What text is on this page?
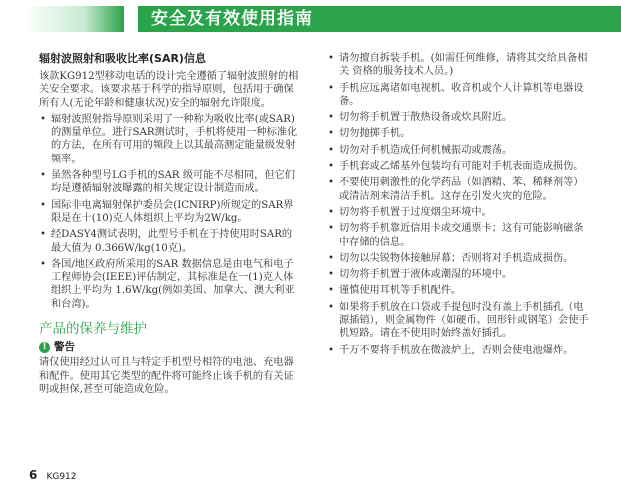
安全及有效使用指南
辐射波照射和吸收比率(SAR)信息
该款KG912型移动电话的设计完全遵循了辐射波照射的相关安全要求。该要求基于科学的指导原则，包括用于确保所有人(无论年龄和健康状况)安全的辐射允许限度。
• 辐射波照射指导原则采用了一种称为吸收比率(或SAR)的测量单位。进行SAR测试时，手机将使用一种标准化的方法，在所有可用的频段上以其最高测定能量级发射频率。
• 虽然各种型号LG手机的SAR 级可能不尽相同，但它们均是遵循辐射波曝露的相关规定设计制造而成。
• 国际非电离辐射保护委员会(ICNIRP)所规定的SAR界限是在十(10)克人体组织上平均为2W/kg。
• 经DASY4测试表明，此型号手机在于持使用时SAR的最大值为 0.366W/kg(10克)。
• 各国/地区政府所采用的SAR 数据信息是由电气和电子工程师协会(IEEE)评估制定，其标准是在一(1)克人体组织上平均为 1.6W/kg(例如美国、加拿大、澳大利亚和台湾)。
产品的保养与维护
! 警告
请仅使用经过认可且与特定手机型号相符的电池、充电器和配件。使用其它类型的配件将可能终止该手机的有关证明或担保,甚至可能造成危险。
• 请勿擅自拆装手机。(如需任何维修，请将其交给具备相关 资格的服务技术人员。)
• 手机应远离诸如电视机、收音机或个人计算机等电器设备。
• 切勿将手机置于散热设备或炊具附近。
• 切勿抛掷手机。
• 切勿对手机造成任何机械振动或震荡。
• 手机套或乙烯基外包装均有可能对手机表面造成损伤。
• 不要使用刺激性的化学药品（如酒精、苯、稀释剂等）或清洁剂来清洁手机。这存在引发火灾的危险。
• 切勿将手机置于过度烟尘环境中。
• 切勿将手机靠近信用卡或交通票卡；这有可能影响磁条中存储的信息。
• 切勿以尖锐物体接触屏幕；否则将对手机造成损伤。
• 切勿将手机置于液体或潮湿的环境中。
• 谨慎使用耳机等手机配件。
• 如果将手机放在口袋或手提包时没有盖上手机插孔（电源插销），则金属物件（如硬币、回形针或钢笔）会使手机短路。请在不使用时始终盖好插孔。
• 千万不要将手机放在微波炉上，否则会使电池爆炸。
6 KG912
